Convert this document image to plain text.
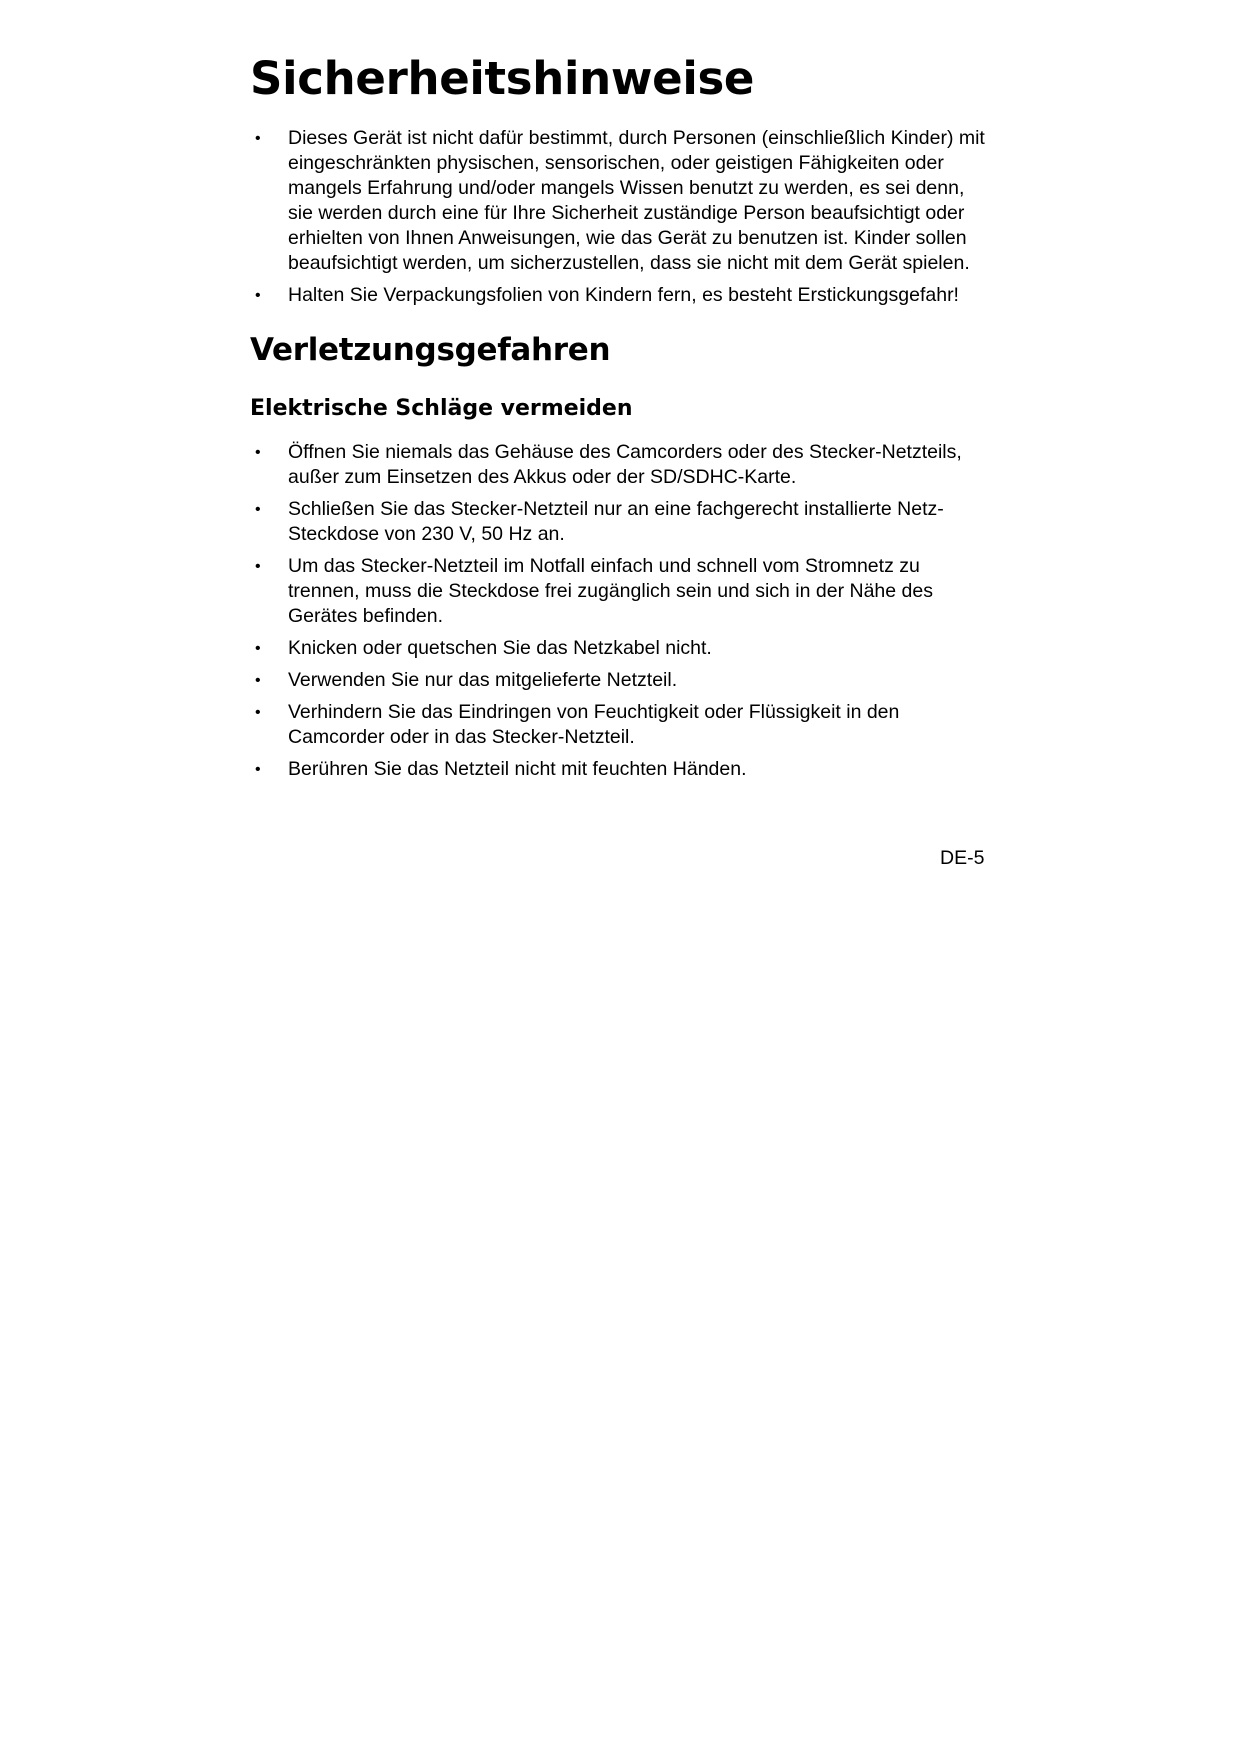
Sicherheitshinweise
• Dieses Gerät ist nicht dafür bestimmt, durch Personen (einschließlich Kinder) mit eingeschränkten physischen, sensorischen, oder geistigen Fähigkeiten oder mangels Erfahrung und/oder mangels Wissen benutzt zu werden, es sei denn, sie werden durch eine für Ihre Sicherheit zuständige Person beaufsichtigt oder erhielten von Ihnen Anweisungen, wie das Gerät zu benutzen ist. Kinder sollen beaufsichtigt werden, um sicherzustellen, dass sie nicht mit dem Gerät spielen.
• Halten Sie Verpackungsfolien von Kindern fern, es besteht Erstickungsgefahr!
Verletzungsgefahren
Elektrische Schläge vermeiden
• Öffnen Sie niemals das Gehäuse des Camcorders oder des Stecker-Netzteils, außer zum Einsetzen des Akkus oder der SD/SDHC-Karte.
• Schließen Sie das Stecker-Netzteil nur an eine fachgerecht installierte Netz-Steckdose von 230 V, 50 Hz an.
• Um das Stecker-Netzteil im Notfall einfach und schnell vom Stromnetz zu trennen, muss die Steckdose frei zugänglich sein und sich in der Nähe des Gerätes befinden.
• Knicken oder quetschen Sie das Netzkabel nicht.
• Verwenden Sie nur das mitgelieferte Netzteil.
• Verhindern Sie das Eindringen von Feuchtigkeit oder Flüssigkeit in den Camcorder oder in das Stecker-Netzteil.
• Berühren Sie das Netzteil nicht mit feuchten Händen.
DE-5
